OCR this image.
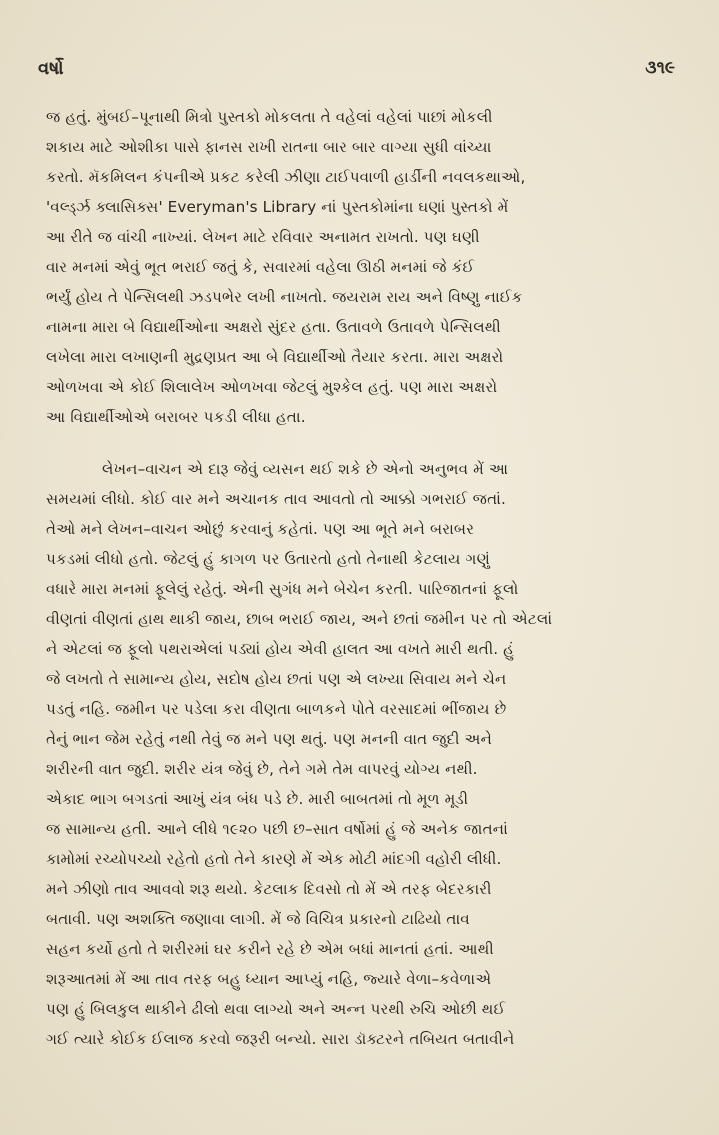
વર્ષો	૩૧૯
જ હતું. મુંબઈ–પૂનાથી મિત્રો પુસ્તકો મોકલતા તે વહેલાં વહેલાં પાછાં મોકલી
શકાય માટે ઓશીકા પાસે ફાનસ રાખી રાતના બાર બાર વાગ્યા સુધી વાંચ્યા
કરતો. મૅકમિલન કંપનીએ પ્રકટ કરેલી ઝીણા ટાઈપવાળી હાર્ડીની નવલકથાઓ,
'વર્લ્ડ્ઝ ક્લાસિક્સ' Everyman's Library નાં પુસ્તકોમાંના ઘણાં પુસ્તકો મેં
આ રીતે જ વાંચી નાખ્યાં. લેખન માટે રવિવાર અનામત રાખતો. પણ ઘણી
વાર મનમાં એવું ભૂત ભરાઈ જતું કે, સવારમાં વહેલા ઊઠી મનમાં જે કંઈ
ભર્યું હોય તે પેન્સિલથી ઝડપભેર લખી નાખતો. જયરામ રાય અને વિષ્ણુ નાઈક
નામના મારા બે વિદ્યાર્થીઓના અક્ષરો સુંદર હતા. ઉતાવળે ઉતાવળે પેન્સિલથી
લખેલા મારા લખાણની મુદ્રણપ્રત આ બે વિદ્યાર્થીઓ તૈયાર કરતા. મારા અક્ષરો
ઓળખવા એ કોઈ શિલાલેખ ઓળખવા જેટલું મુશ્કેલ હતું. પણ મારા અક્ષરો
આ વિદ્યાર્થીઓએ બરાબર પકડી લીધા હતા.
લેખન–વાચન એ દારૂ જેવું વ્યસન થઈ શકે છે એનો અનુભવ મેં આ
સમયમાં લીધો. કોઈ વાર મને અચાનક તાવ આવતો તો આક્કો ગભરાઈ જતાં.
તેઓ મને લેખન–વાચન ઓછું કરવાનું કહેતાં. પણ આ ભૂતે મને બરાબર
પકડમાં લીધો હતો. જેટલું હું કાગળ પર ઉતારતો હતો તેનાથી કેટલાય ગણું
વધારે મારા મનમાં ફૂલેલું રહેતું. એની સુગંધ મને બેચેન કરતી. પારિજાતનાં ફૂલો
વીણતાં વીણતાં હાથ થાકી જાય, છાબ ભરાઈ જાય, અને છતાં જમીન પર તો એટલાં
ને એટલાં જ ફૂલો પથરાએલાં પડ્યાં હોય એવી હાલત આ વખતે મારી થતી. હું
જે લખતો તે સામાન્ય હોય, સદોષ હોય છતાં પણ એ લખ્યા સિવાય મને ચેન
પડતું નહિ. જમીન પર પડેલા કરા વીણતા બાળકને પોતે વરસાદમાં ભીંજાય છે
તેનું ભાન જેમ રહેતું નથી તેવું જ મને પણ થતું. પણ મનની વાત જુદી અને
શરીરની વાત જુદી. શરીર યંત્ર જેવું છે, તેને ગમે તેમ વાપરવું યોગ્ય નથી.
એકાદ ભાગ બગડતાં આખું યંત્ર બંધ પડે છે. મારી બાબતમાં તો મૂળ મૂડી
જ સામાન્ય હતી. આને લીધે ૧૯૨૦ પછી છ–સાત વર્ષોમાં હું જે અનેક જાતનાં
કામોમાં રચ્યોપચ્યો રહેતો હતો તેને કારણે મેં એક મોટી માંદગી વહોરી લીધી.
મને ઝીણો તાવ આવવો શરૂ થયો. કેટલાક દિવસો તો મેં એ તરફ બેદરકારી
બતાવી. પણ અશક્તિ જણાવા લાગી. મેં જે વિચિત્ર પ્રકારનો ટાઢિયો તાવ
સહન કર્યો હતો તે શરીરમાં ઘર કરીને રહે છે એમ બધાં માનતાં હતાં. આથી
શરૂઆતમાં મેં આ તાવ તરફ બહુ ધ્યાન આપ્યું નહિ, જ્યારે વેળા–કવેળાએ
પણ હું બિલકુલ થાકીને ઢીલો થવા લાગ્યો અને અન્ન પરથી રુચિ ઓછી થઈ
ગઈ ત્યારે કોઈક ઈલાજ કરવો જરૂરી બન્યો. સારા ડૉક્ટરને તબિયત બતાવીને
